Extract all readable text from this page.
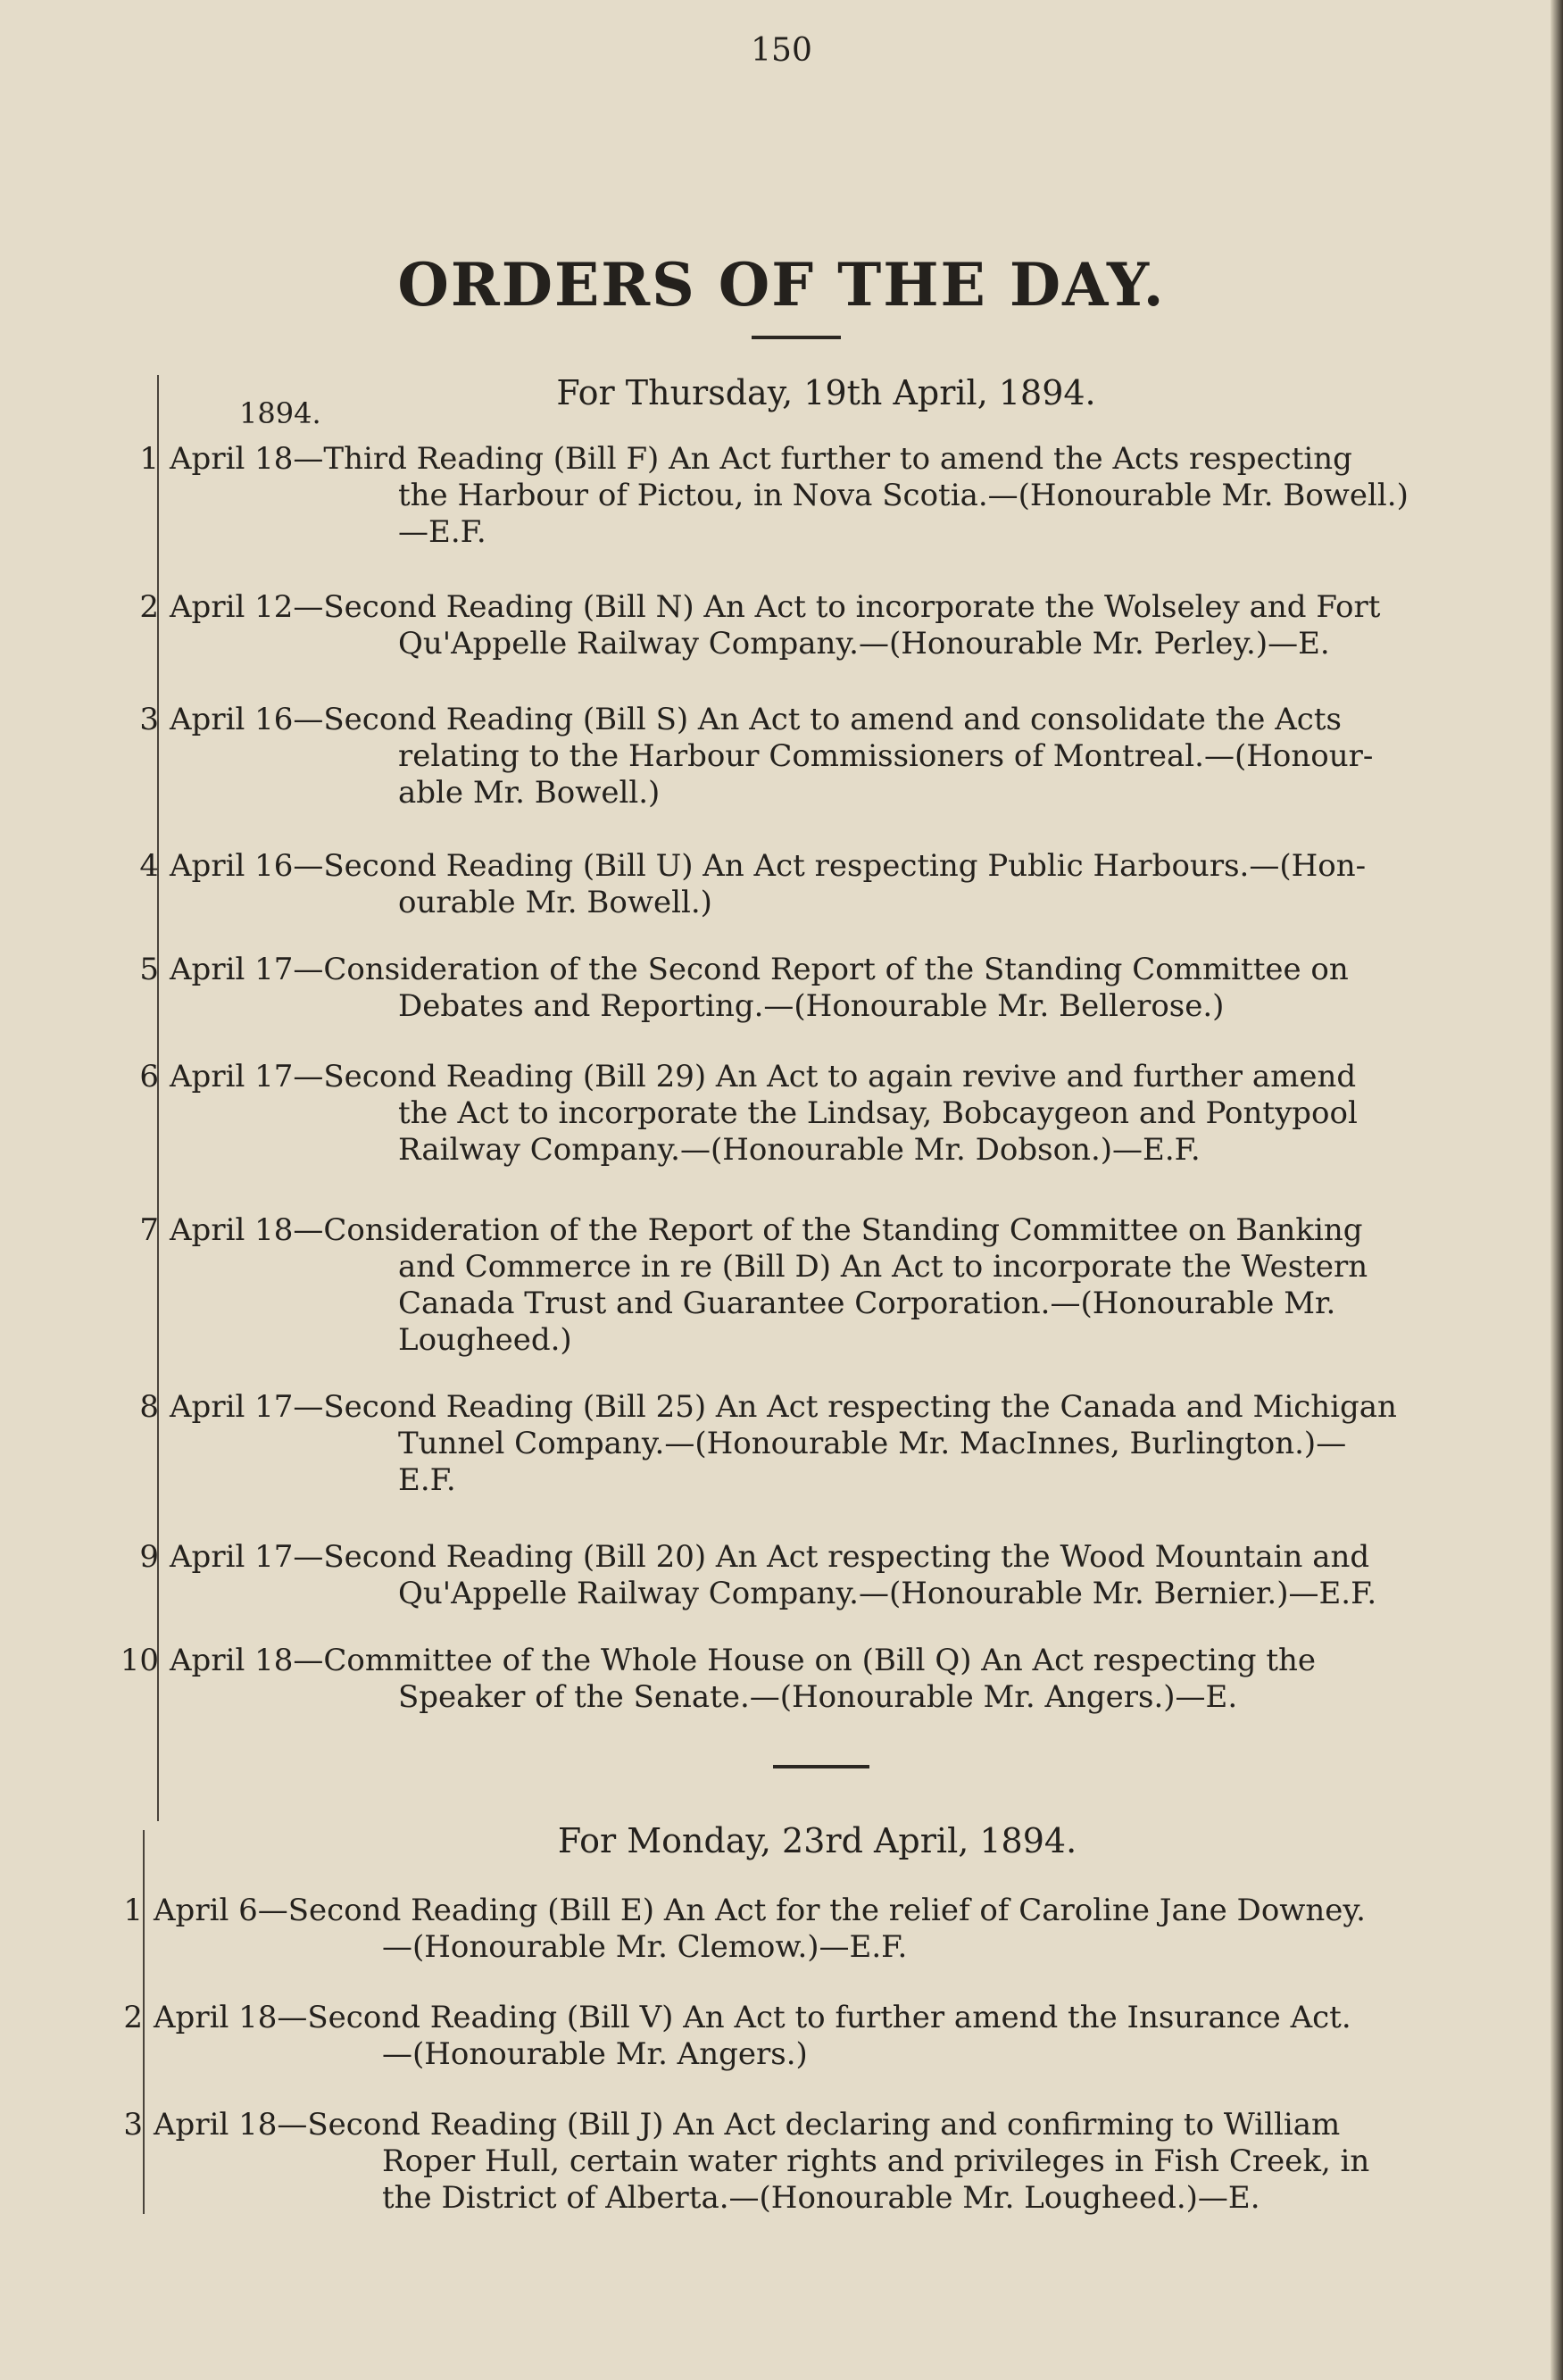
150
ORDERS OF THE DAY.
For Thursday, 19th April, 1894.
1894.
1 April 18—Third Reading (Bill F) An Act further to amend the Acts respecting
the Harbour of Pictou, in Nova Scotia.—(Honourable Mr. Bowell.)
—E.F.
2 April 12—Second Reading (Bill N) An Act to incorporate the Wolseley and Fort
Qu'Appelle Railway Company.—(Honourable Mr. Perley.)—E.
3 April 16—Second Reading (Bill S) An Act to amend and consolidate the Acts
relating to the Harbour Commissioners of Montreal.—(Honour-
able Mr. Bowell.)
4 April 16—Second Reading (Bill U) An Act respecting Public Harbours.—(Hon-
ourable Mr. Bowell.)
5 April 17—Consideration of the Second Report of the Standing Committee on
Debates and Reporting.—(Honourable Mr. Bellerose.)
6 April 17—Second Reading (Bill 29) An Act to again revive and further amend
the Act to incorporate the Lindsay, Bobcaygeon and Pontypool
Railway Company.—(Honourable Mr. Dobson.)—E.F.
7 April 18—Consideration of the Report of the Standing Committee on Banking
and Commerce in re (Bill D) An Act to incorporate the Western
Canada Trust and Guarantee Corporation.—(Honourable Mr.
Lougheed.)
8 April 17—Second Reading (Bill 25) An Act respecting the Canada and Michigan
Tunnel Company.—(Honourable Mr. MacInnes, Burlington.)—
E.F.
9 April 17—Second Reading (Bill 20) An Act respecting the Wood Mountain and
Qu'Appelle Railway Company.—(Honourable Mr. Bernier.)—E.F.
10 April 18—Committee of the Whole House on (Bill Q) An Act respecting the
Speaker of the Senate.—(Honourable Mr. Angers.)—E.
For Monday, 23rd April, 1894.
1 April 6—Second Reading (Bill E) An Act for the relief of Caroline Jane Downey.
—(Honourable Mr. Clemow.)—E.F.
2 April 18—Second Reading (Bill V) An Act to further amend the Insurance Act.
—(Honourable Mr. Angers.)
3 April 18—Second Reading (Bill J) An Act declaring and confirming to William
Roper Hull, certain water rights and privileges in Fish Creek, in
the District of Alberta.—(Honourable Mr. Lougheed.)—E.
